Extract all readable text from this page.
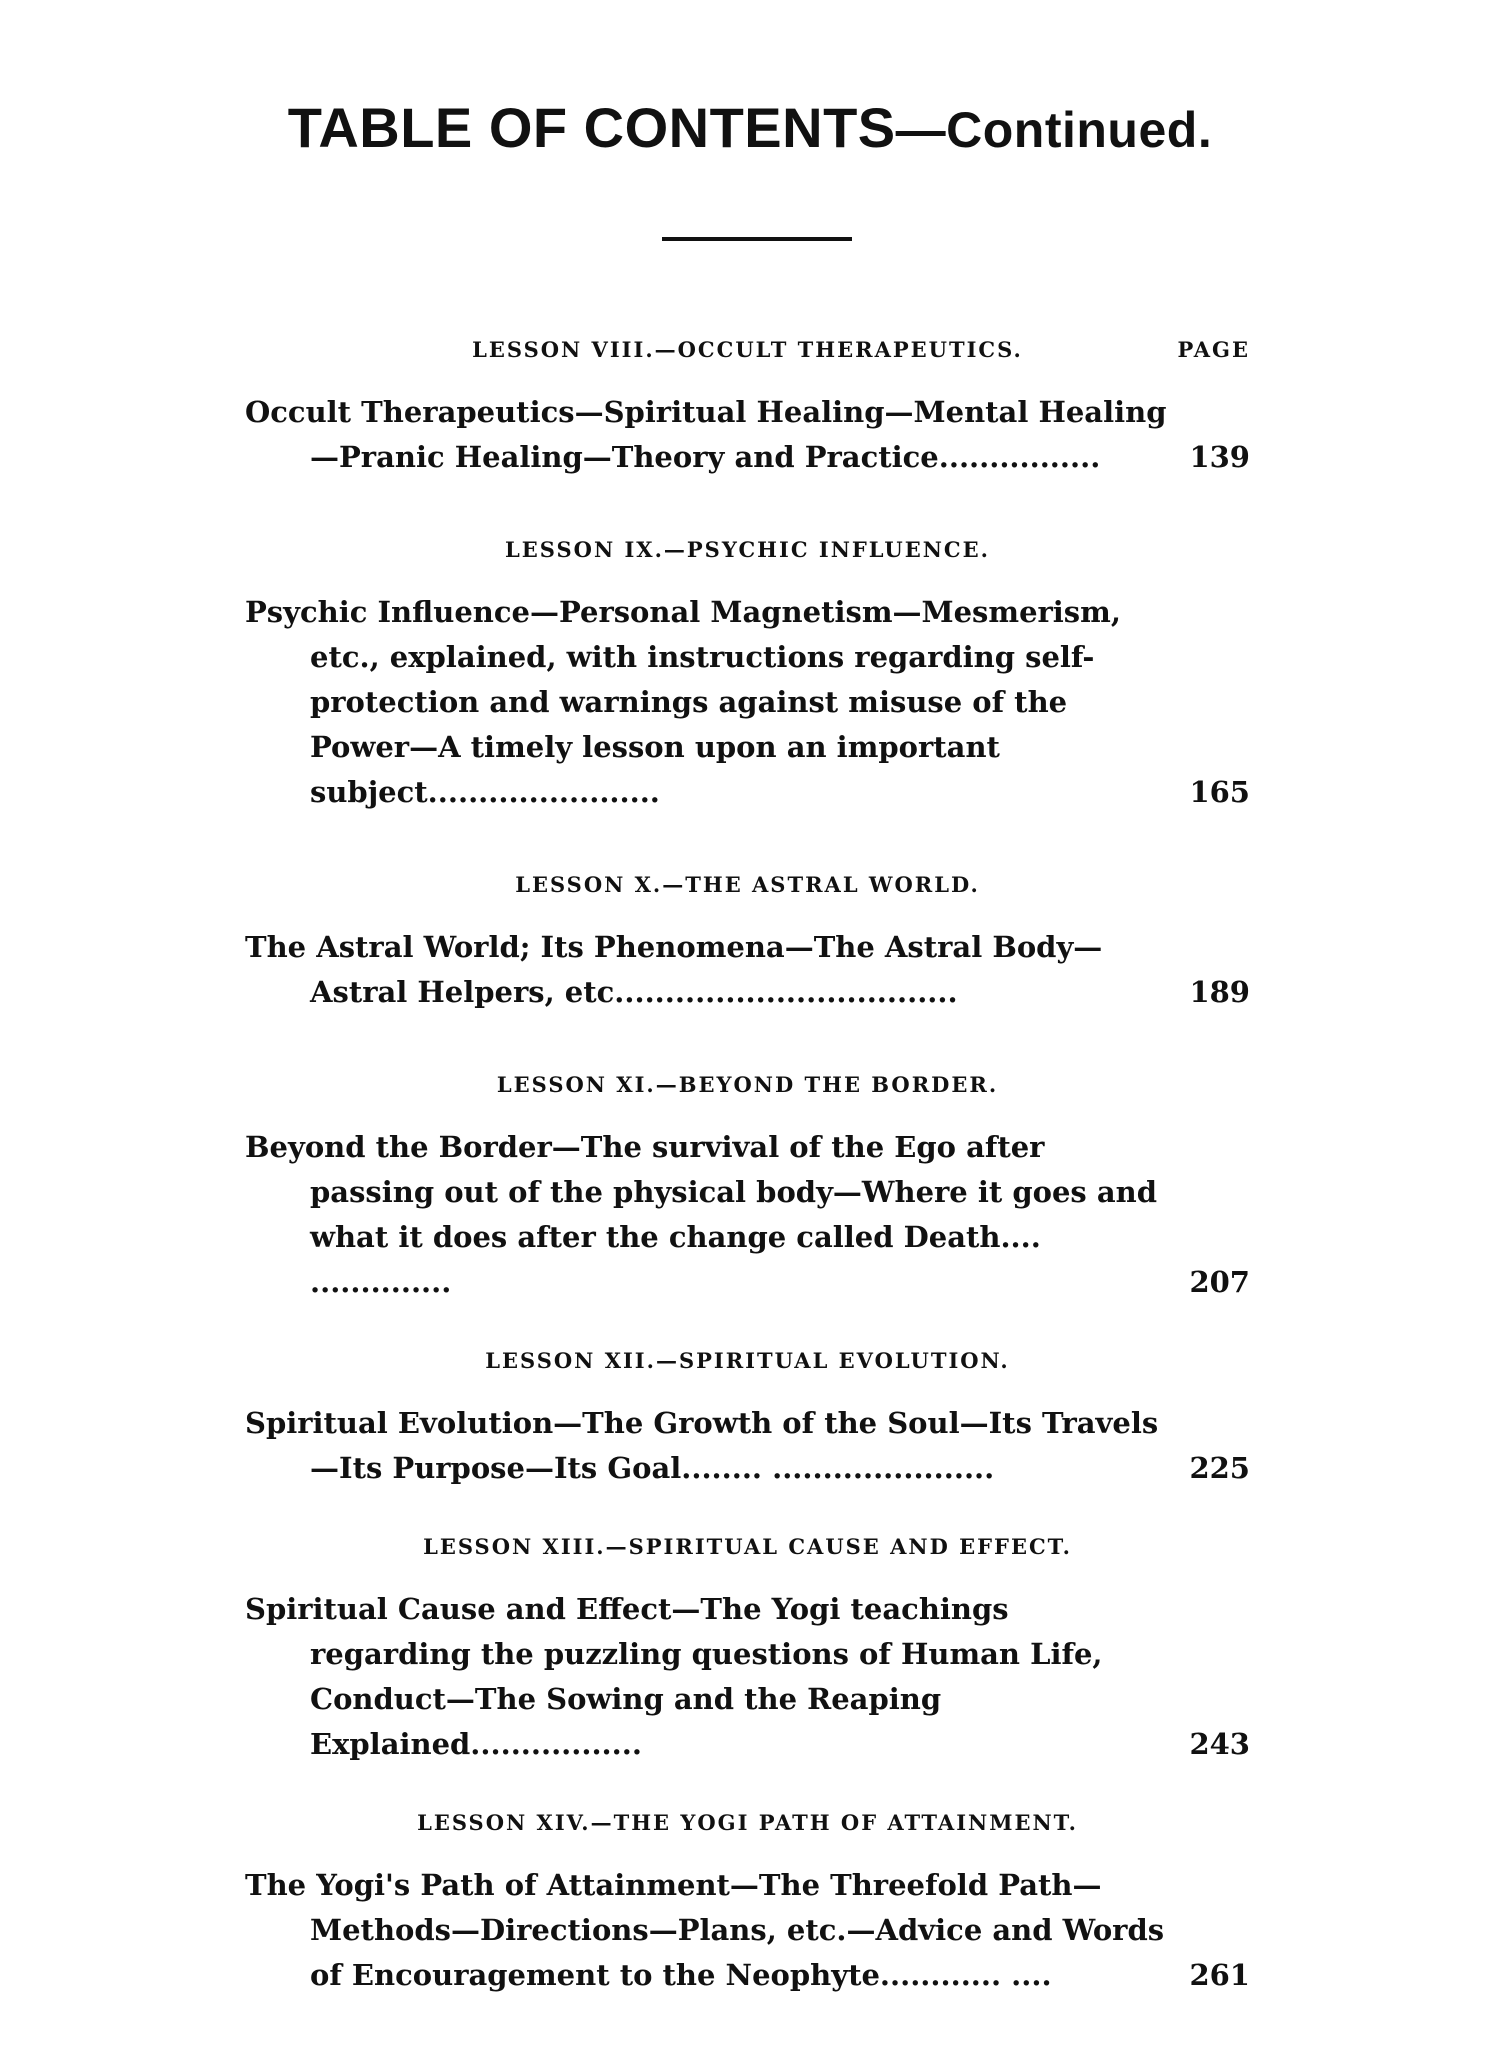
TABLE OF CONTENTS—Continued.
LESSON VIII.—OCCULT THERAPEUTICS.	PAGE
Occult Therapeutics—Spiritual Healing—Mental Healing—Pranic Healing—Theory and Practice................	139
LESSON IX.—PSYCHIC INFLUENCE.
Psychic Influence—Personal Magnetism—Mesmerism, etc., explained, with instructions regarding self-protection and warnings against misuse of the Power—A timely lesson upon an important subject.......................	165
LESSON X.—THE ASTRAL WORLD.
The Astral World; Its Phenomena—The Astral Body—Astral Helpers, etc..................................	189
LESSON XI.—BEYOND THE BORDER.
Beyond the Border—The survival of the Ego after passing out of the physical body—Where it goes and what it does after the change called Death.... ..............	207
LESSON XII.—SPIRITUAL EVOLUTION.
Spiritual Evolution—The Growth of the Soul—Its Travels—Its Purpose—Its Goal........ ......................	225
LESSON XIII.—SPIRITUAL CAUSE AND EFFECT.
Spiritual Cause and Effect—The Yogi teachings regarding the puzzling questions of Human Life, Conduct—The Sowing and the Reaping Explained.................	243
LESSON XIV.—THE YOGI PATH OF ATTAINMENT.
The Yogi's Path of Attainment—The Threefold Path—Methods—Directions—Plans, etc.—Advice and Words of Encouragement to the Neophyte............ ....	261
